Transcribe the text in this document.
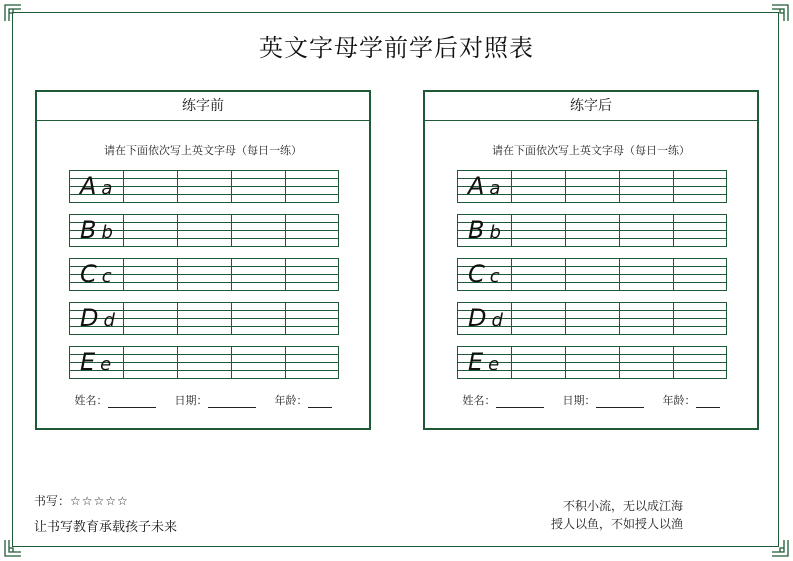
英文字母学前学后对照表
练字前
请在下面依次写上英文字母（每日一练）
A a
B b
C c
D d
E e
姓名：	日期：	年龄：
练字后
请在下面依次写上英文字母（每日一练）
A a
B b
C c
D d
E e
姓名：	日期：	年龄：
书写：☆☆☆☆☆
让书写教育承载孩子未来
不积小流，无以成江海
授人以鱼，不如授人以渔
